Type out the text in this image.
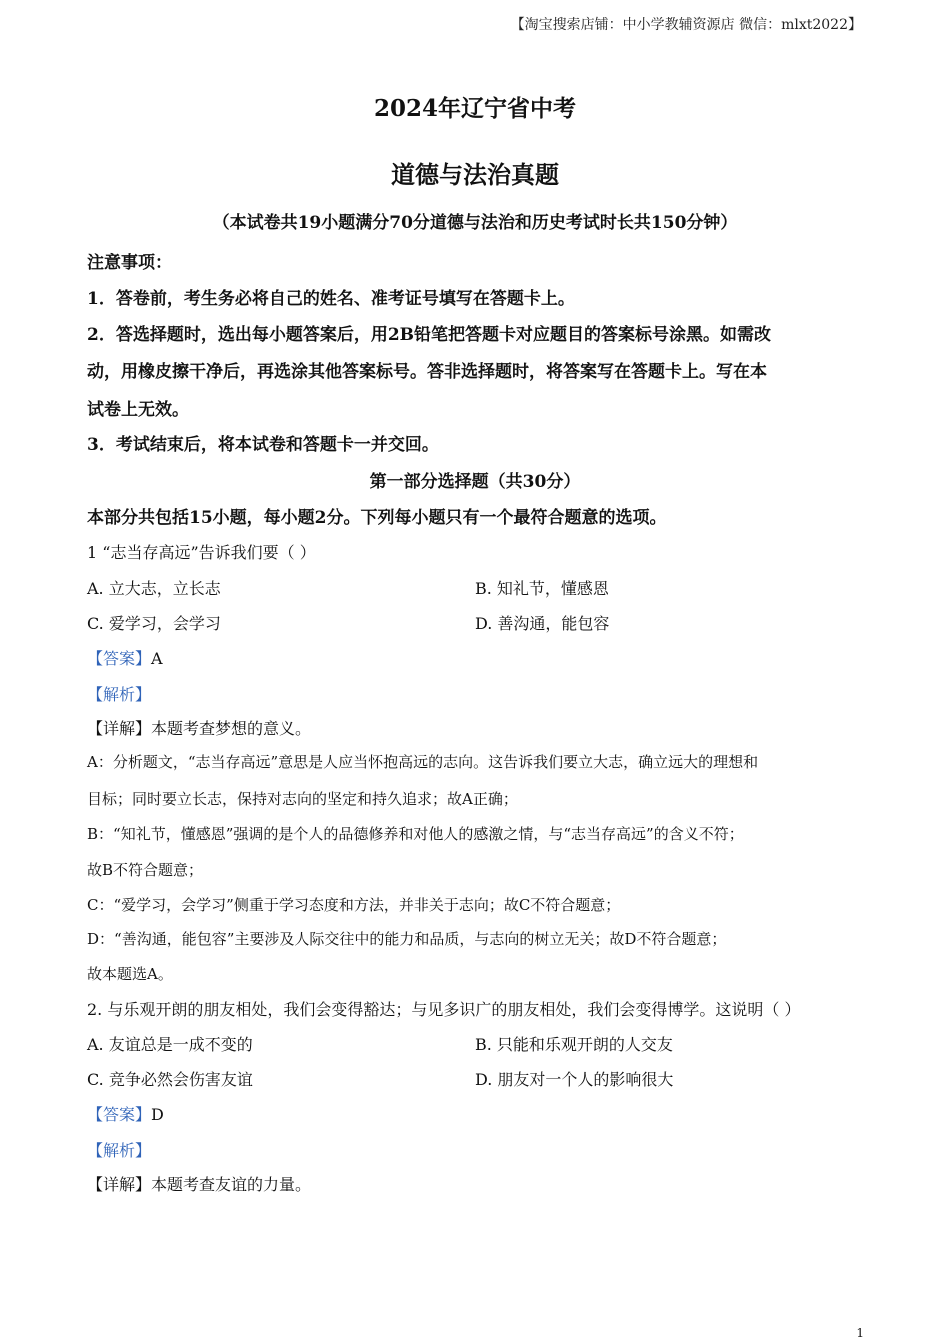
【淘宝搜索店铺：中小学教辅资源店 微信：mlxt2022】
2024年辽宁省中考
道德与法治真题
（本试卷共19小题满分70分道德与法治和历史考试时长共150分钟）
注意事项：
1．答卷前，考生务必将自己的姓名、准考证号填写在答题卡上。
2．答选择题时，选出每小题答案后，用2B铅笔把答题卡对应题目的答案标号涂黑。如需改
动，用橡皮擦干净后，再选涂其他答案标号。答非选择题时，将答案写在答题卡上。写在本
试卷上无效。
3．考试结束后，将本试卷和答题卡一并交回。
第一部分选择题（共30分）
本部分共包括15小题，每小题2分。下列每小题只有一个最符合题意的选项。
1 “志当存高远”告诉我们要（ ）
A. 立大志，立长志	B. 知礼节，懂感恩
C. 爱学习，会学习	D. 善沟通，能包容
【答案】A
【解析】
【详解】本题考查梦想的意义。
A：分析题文，“志当存高远”意思是人应当怀抱高远的志向。这告诉我们要立大志，确立远大的理想和
目标；同时要立长志，保持对志向的坚定和持久追求；故A正确；
B：“知礼节，懂感恩”强调的是个人的品德修养和对他人的感激之情，与“志当存高远”的含义不符；
故B不符合题意；
C：“爱学习，会学习”侧重于学习态度和方法，并非关于志向；故C不符合题意；
D：“善沟通，能包容”主要涉及人际交往中的能力和品质，与志向的树立无关；故D不符合题意；
故本题选A。
2. 与乐观开朗的朋友相处，我们会变得豁达；与见多识广的朋友相处，我们会变得博学。这说明（ ）
A. 友谊总是一成不变的	B. 只能和乐观开朗的人交友
C. 竞争必然会伤害友谊	D. 朋友对一个人的影响很大
【答案】D
【解析】
【详解】本题考查友谊的力量。
1
